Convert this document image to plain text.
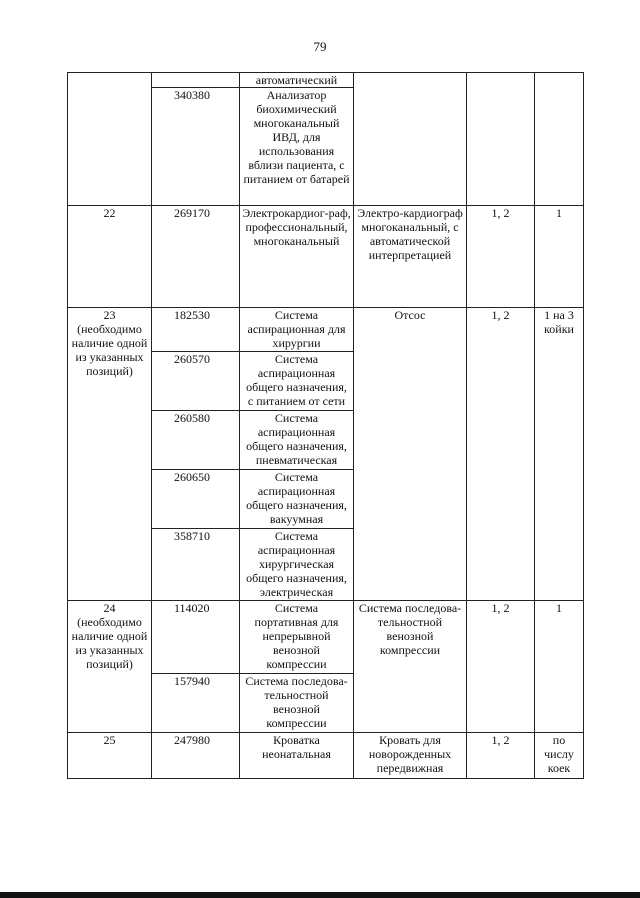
79
		автоматический			
	340380	Анализатор биохимический многоканальный ИВД, для использования вблизи пациента, с питанием от батарей			
22	269170	Электрокардиог-раф, профессиональный, многоканальный	Электро-кардиограф многоканальный, с автоматической интерпретацией	1, 2	1
23 (необходимо наличие одной из указанных позиций)	182530	Система аспирационная для хирургии	Отсос	1, 2	1 на 3 койки
	260570	Система аспирационная общего назначения, с питанием от сети			
	260580	Система аспирационная общего назначения, пневматическая			
	260650	Система аспирационная общего назначения, вакуумная			
	358710	Система аспирационная хирургическая общего назначения, электрическая			
24 (необходимо наличие одной из указанных позиций)	114020	Система портативная для непрерывной венозной компрессии	Система последова-тельностной венозной компрессии	1, 2	1
	157940	Система последова-тельностной венозной компрессии			
25	247980	Кроватка неонатальная	Кровать для новорожденных передвижная	1, 2	по числу коек
